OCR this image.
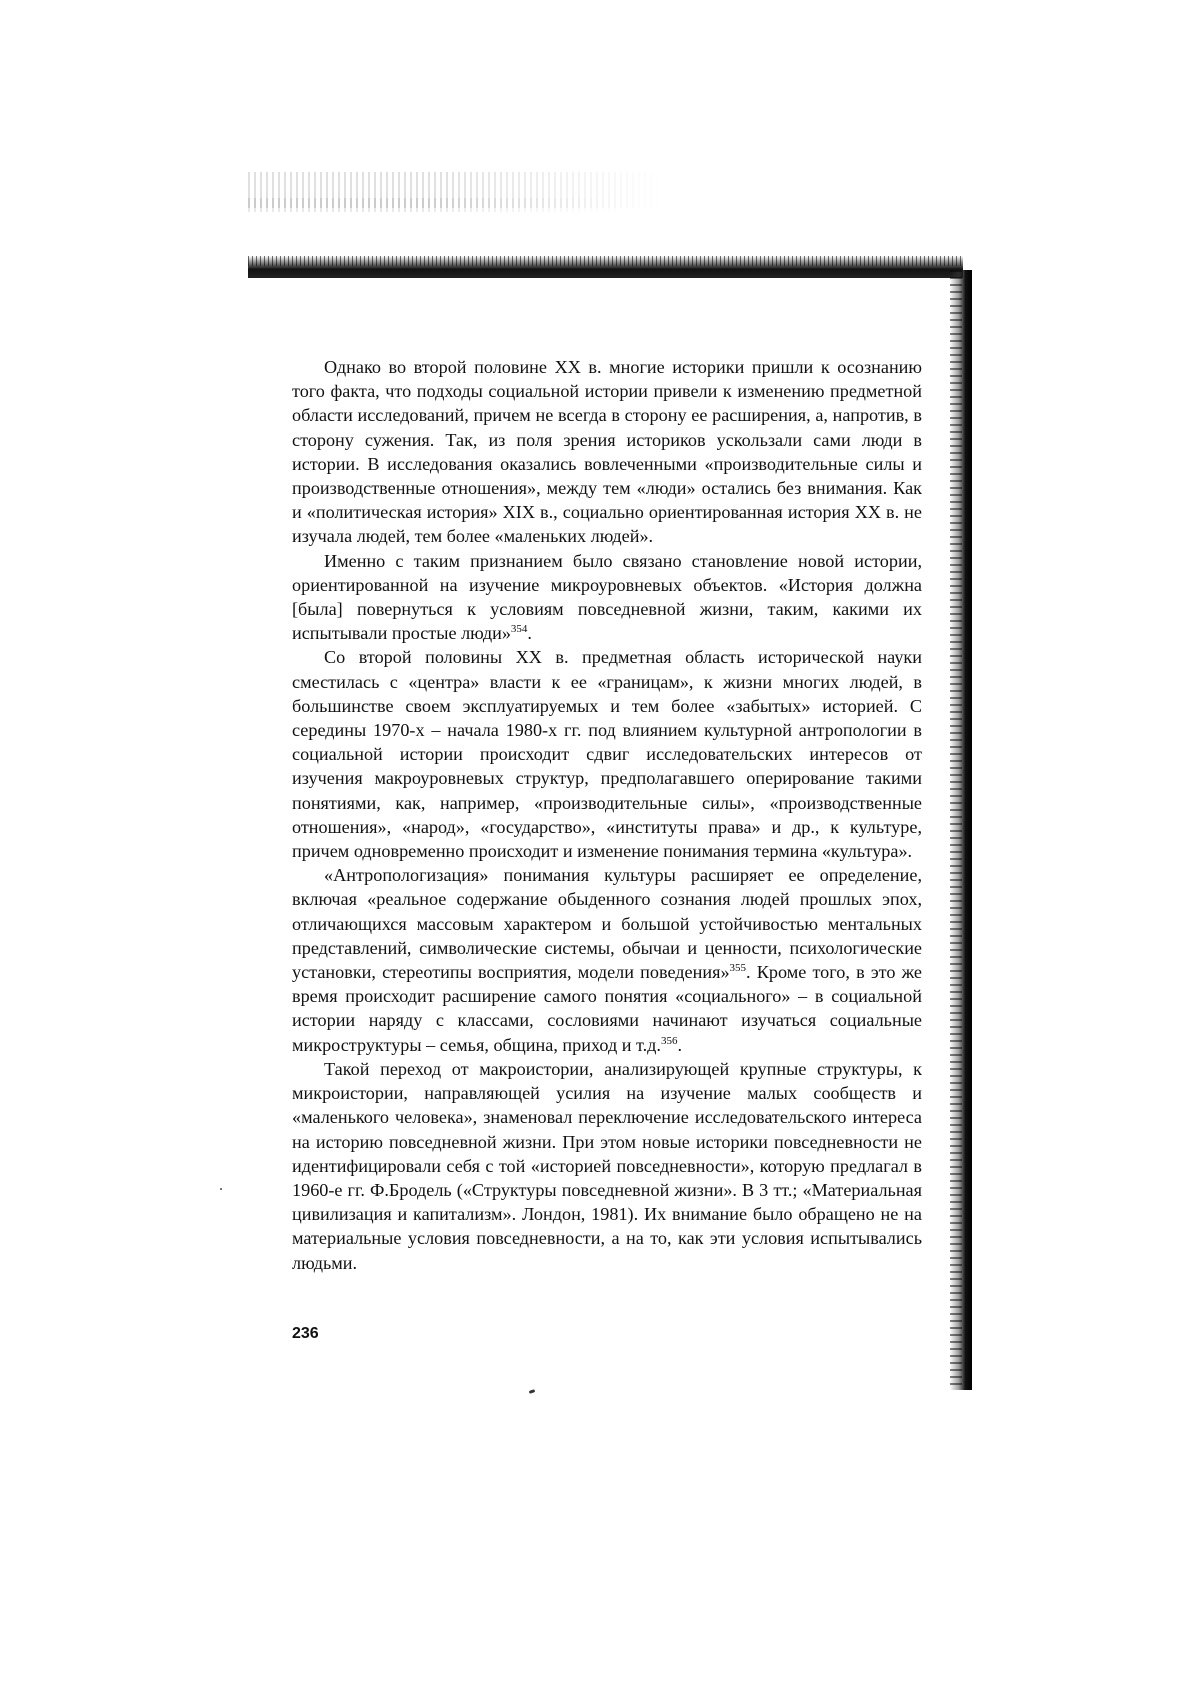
Однако во второй половине XX в. многие историки пришли к осознанию того факта, что подходы социальной истории привели к изменению предметной области исследований, причем не всегда в сторону ее расширения, а, напротив, в сторону сужения. Так, из поля зрения историков ускользали сами люди в истории. В исследования оказались вовлеченными «производительные силы и производственные отношения», между тем «люди» остались без внимания. Как и «политическая история» XIX в., социально ориентированная история XX в. не изучала людей, тем более «маленьких людей».

Именно с таким признанием было связано становление новой истории, ориентированной на изучение микроуровневых объектов. «История должна [была] повернуться к условиям повседневной жизни, таким, какими их испытывали простые люди»$^{354}$.

Со второй половины XX в. предметная область исторической науки сместилась с «центра» власти к ее «границам», к жизни многих людей, в большинстве своем эксплуатируемых и тем более «забытых» историей. С середины 1970-х – начала 1980-х гг. под влиянием культурной антропологии в социальной истории происходит сдвиг исследовательских интересов от изучения макроуровневых структур, предполагавшего оперирование такими понятиями, как, например, «производительные силы», «производственные отношения», «народ», «государство», «институты права» и др., к культуре, причем одновременно происходит и изменение понимания термина «культура».

«Антропологизация» понимания культуры расширяет ее определение, включая «реальное содержание обыденного сознания людей прошлых эпох, отличающихся массовым характером и большой устойчивостью ментальных представлений, символические системы, обычаи и ценности, психологические установки, стереотипы восприятия, модели поведения»$^{355}$. Кроме того, в это же время происходит расширение самого понятия «социального» – в социальной истории наряду с классами, сословиями начинают изучаться социальные микроструктуры – семья, община, приход и т.д.$^{356}$.

Такой переход от макроистории, анализирующей крупные структуры, к микроистории, направляющей усилия на изучение малых сообществ и «маленького человека», знаменовал переключение исследовательского интереса на историю повседневной жизни. При этом новые историки повседневности не идентифицировали себя с той «историей повседневности», которую предлагал в 1960-е гг. Ф.Бродель («Структуры повседневной жизни». В 3 тт.; «Материальная цивилизация и капитализм». Лондон, 1981). Их внимание было обращено не на материальные условия повседневности, а на то, как эти условия испытывались людьми.

236
